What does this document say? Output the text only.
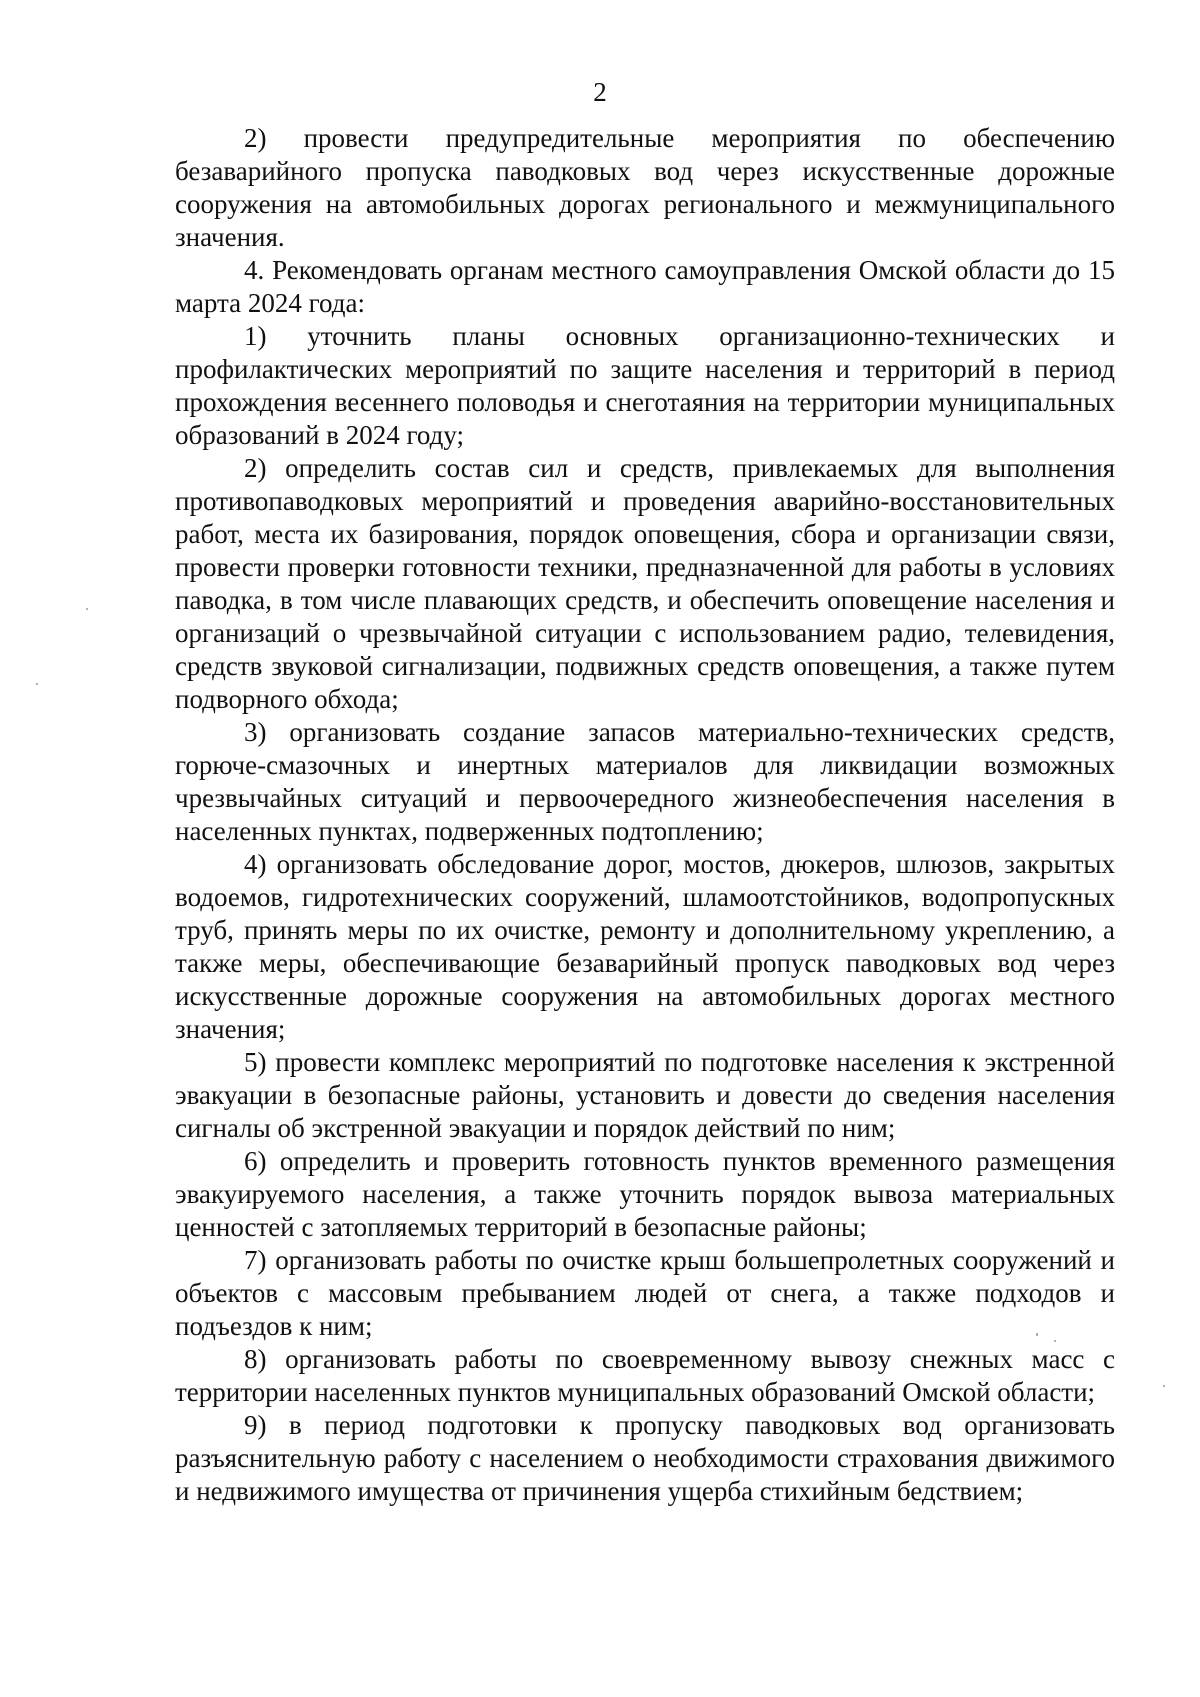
2

2) провести предупредительные мероприятия по обеспечению безаварийного пропуска паводковых вод через искусственные дорожные сооружения на автомобильных дорогах регионального и межмуниципального значения.

4. Рекомендовать органам местного самоуправления Омской области до 15 марта 2024 года:

1) уточнить планы основных организационно-технических и профилактических мероприятий по защите населения и территорий в период прохождения весеннего половодья и снеготаяния на территории муниципальных образований в 2024 году;

2) определить состав сил и средств, привлекаемых для выполнения противопаводковых мероприятий и проведения аварийно-восстановительных работ, места их базирования, порядок оповещения, сбора и организации связи, провести проверки готовности техники, предназначенной для работы в условиях паводка, в том числе плавающих средств, и обеспечить оповещение населения и организаций о чрезвычайной ситуации с использованием радио, телевидения, средств звуковой сигнализации, подвижных средств оповещения, а также путем подворного обхода;

3) организовать создание запасов материально-технических средств, горюче-смазочных и инертных материалов для ликвидации возможных чрезвычайных ситуаций и первоочередного жизнеобеспечения населения в населенных пунктах, подверженных подтоплению;

4) организовать обследование дорог, мостов, дюкеров, шлюзов, закрытых водоемов, гидротехнических сооружений, шламоотстойников, водопропускных труб, принять меры по их очистке, ремонту и дополнительному укреплению, а также меры, обеспечивающие безаварийный пропуск паводковых вод через искусственные дорожные сооружения на автомобильных дорогах местного значения;

5) провести комплекс мероприятий по подготовке населения к экстренной эвакуации в безопасные районы, установить и довести до сведения населения сигналы об экстренной эвакуации и порядок действий по ним;

6) определить и проверить готовность пунктов временного размещения эвакуируемого населения, а также уточнить порядок вывоза материальных ценностей с затопляемых территорий в безопасные районы;

7) организовать работы по очистке крыш большепролетных сооружений и объектов с массовым пребыванием людей от снега, а также подходов и подъездов к ним;

8) организовать работы по своевременному вывозу снежных масс с территории населенных пунктов муниципальных образований Омской области;

9) в период подготовки к пропуску паводковых вод организовать разъяснительную работу с населением о необходимости страхования движимого и недвижимого имущества от причинения ущерба стихийным бедствием;
